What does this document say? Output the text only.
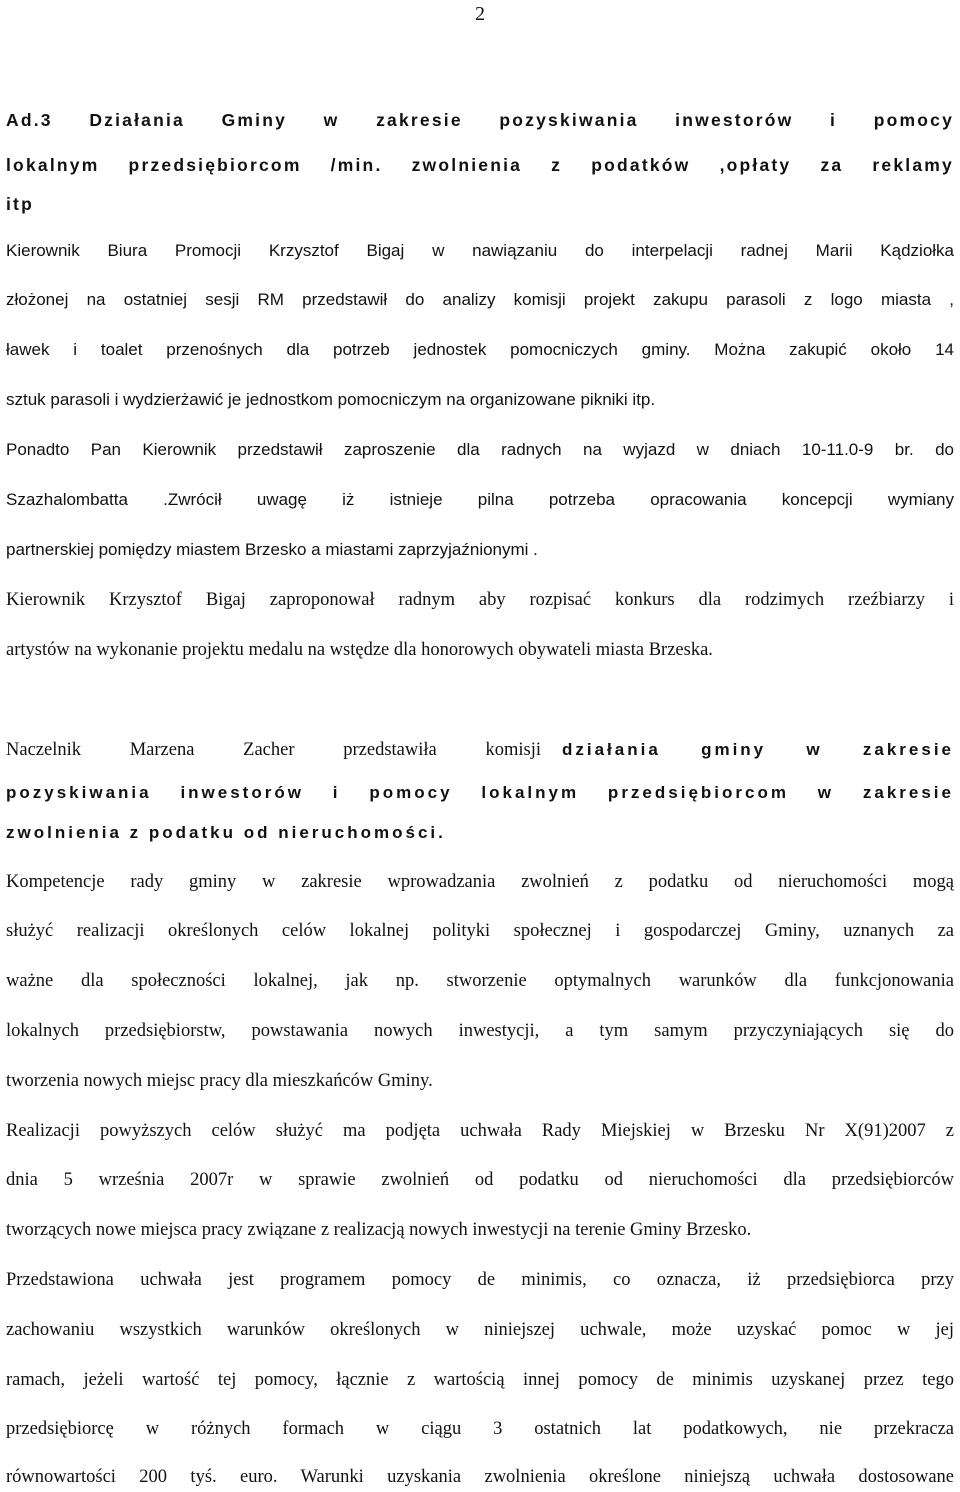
2
Ad.3 Działania Gminy w zakresie pozyskiwania inwestorów i pomocy
lokalnym przedsiębiorcom /min. zwolnienia z podatków ,opłaty za reklamy
itp
Kierownik Biura Promocji Krzysztof Bigaj w nawiązaniu do interpelacji radnej Marii Kądziołka
złożonej na ostatniej sesji RM przedstawił do analizy komisji projekt zakupu parasoli z logo miasta ,
ławek i toalet przenośnych dla potrzeb jednostek pomocniczych gminy. Można zakupić około 14
sztuk parasoli i wydzierżawić je jednostkom pomocniczym na organizowane pikniki itp.
Ponadto Pan Kierownik przedstawił zaproszenie dla radnych na wyjazd w dniach 10-11.0-9 br. do
Szazhalombatta .Zwrócił uwagę iż istnieje pilna potrzeba opracowania koncepcji wymiany
partnerskiej pomiędzy miastem Brzesko a miastami zaprzyjaźnionymi .
Kierownik Krzysztof Bigaj zaproponował radnym aby rozpisać konkurs dla rodzimych rzeźbiarzy i
artystów na wykonanie projektu medalu na wstędze dla honorowych obywateli miasta Brzeska.
Naczelnik Marzena Zacher przedstawiła komisji działania gminy w zakresie
pozyskiwania inwestorów i pomocy lokalnym przedsiębiorcom w zakresie
zwolnienia z podatku od nieruchomości.
Kompetencje rady gminy w zakresie wprowadzania zwolnień z podatku od nieruchomości mogą
służyć realizacji określonych celów lokalnej polityki społecznej i gospodarczej Gminy, uznanych za
ważne dla społeczności lokalnej, jak np. stworzenie optymalnych warunków dla funkcjonowania
lokalnych przedsiębiorstw, powstawania nowych inwestycji, a tym samym przyczyniających się do
tworzenia nowych miejsc pracy dla mieszkańców Gminy.
Realizacji powyższych celów służyć ma podjęta uchwała Rady Miejskiej w Brzesku Nr X(91)2007 z
dnia 5 września 2007r w sprawie zwolnień od podatku od nieruchomości dla przedsiębiorców
tworzących nowe miejsca pracy związane z realizacją nowych inwestycji na terenie Gminy Brzesko.
Przedstawiona uchwała jest programem pomocy de minimis, co oznacza, iż przedsiębiorca przy
zachowaniu wszystkich warunków określonych w niniejszej uchwale, może uzyskać pomoc w jej
ramach, jeżeli wartość tej pomocy, łącznie z wartością innej pomocy de minimis uzyskanej przez tego
przedsiębiorcę w różnych formach w ciągu 3 ostatnich lat podatkowych, nie przekracza
równowartości 200 tyś. euro. Warunki uzyskania zwolnienia określone niniejszą uchwała dostosowane
